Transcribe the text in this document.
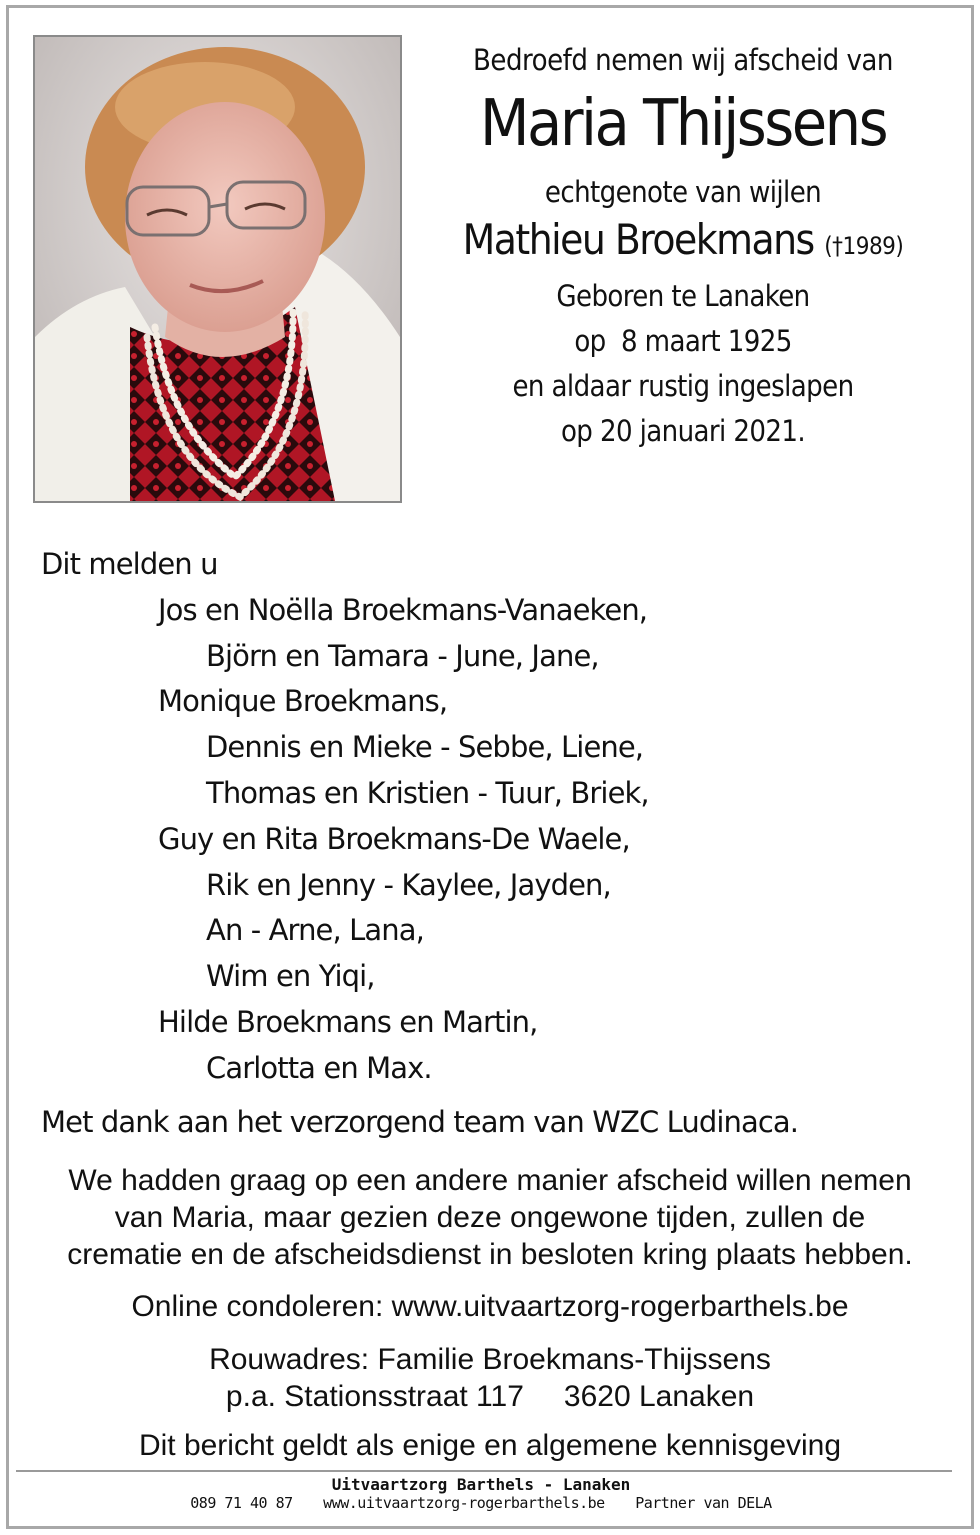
Bedroefd nemen wij afscheid van
Maria Thijssens
echtgenote van wijlen
Mathieu Broekmans (†1989)
Geboren te Lanaken
op  8 maart 1925
en aldaar rustig ingeslapen
op 20 januari 2021.
Dit melden u
Jos en Noëlla Broekmans-Vanaeken,
Björn en Tamara - June, Jane,
Monique Broekmans,
Dennis en Mieke - Sebbe, Liene,
Thomas en Kristien - Tuur, Briek,
Guy en Rita Broekmans-De Waele,
Rik en Jenny - Kaylee, Jayden,
An - Arne, Lana,
Wim en Yiqi,
Hilde Broekmans en Martin,
Carlotta en Max.
Met dank aan het verzorgend team van WZC Ludinaca.
We hadden graag op een andere manier afscheid willen nemen
van Maria, maar gezien deze ongewone tijden, zullen de
crematie en de afscheidsdienst in besloten kring plaats hebben.
Online condoleren: www.uitvaartzorg-rogerbarthels.be
Rouwadres: Familie Broekmans-Thijssens
p.a. Stationsstraat 117 3620 Lanaken
Dit bericht geldt als enige en algemene kennisgeving
Uitvaartzorg Barthels - Lanaken
089 71 40 87 www.uitvaartzorg-rogerbarthels.be Partner van DELA
